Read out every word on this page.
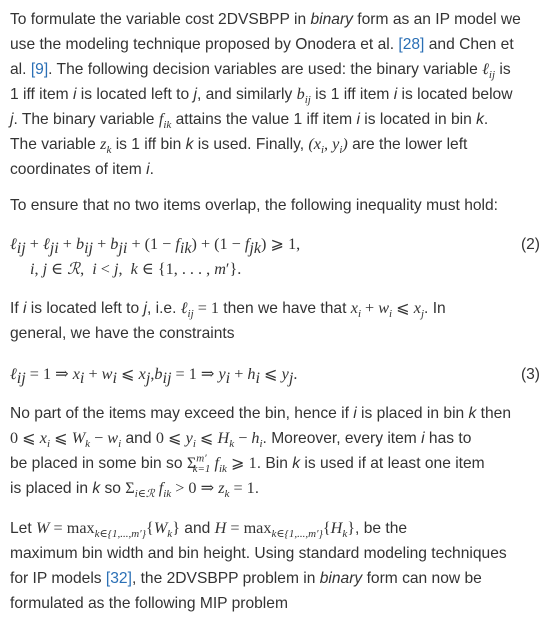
To formulate the variable cost 2DVSBPP in binary form as an IP model we
use the modeling technique proposed by Onodera et al. [28] and Chen et
al. [9]. The following decision variables are used: the binary variable ℓ$_{ij}$ is
1 iff item i is located left to j, and similarly $b_{ij}$ is 1 iff item i is located below
j. The binary variable $f_{ik}$ attains the value 1 iff item i is located in bin k.
The variable $z_k$ is 1 iff bin k is used. Finally, ($x_i$, $y_i$) are the lower left
coordinates of item i.
To ensure that no two items overlap, the following inequality must hold:
ℓ$_{ij}$ + ℓ$_{ji}$ + $b_{ij} + b_{ji} + (1 - f_{ik}) + (1 - f_{jk})$ ⩾ 1,
i, j ∈ ℛ,  i < j,  k ∈ {1, . . . , m′}.
(2)
If i is located left to j, i.e. ℓ$_{ij}$ = 1 then we have that $x_i + w_i$ ⩽ $x_j$. In
general, we have the constraints
ℓ$_{ij}$ = 1 ⇒ $x_i + w_i$ ⩽ $x_j,b_{ij} = 1$ ⇒ $y_i + h_i$ ⩽ $y_j$.	(3)
No part of the items may exceed the bin, hence if i is placed in bin k then
0 ⩽ $x_i$ ⩽ $W_k - w_i$ and 0 ⩽ $y_i$ ⩽ $H_k - h_i$. Moreover, every item i has to
be placed in some bin so $\Sigma^{m'}_{k=1}$ $f_{ik}$ ⩾ 1. Bin k is used if at least one item
is placed in k so $\Sigma_{i\in ℛ}$ $f_{ik} > 0$ ⇒ $z_k = 1$.
Let $W = \max_{k\in\{1,...,m'\}}\{W_k\}$ and $H = \max_{k\in\{1,...,m'\}}\{H_k\}$, be the
maximum bin width and bin height. Using standard modeling techniques
for IP models [32], the 2DVSBPP problem in binary form can now be
formulated as the following MIP problem
